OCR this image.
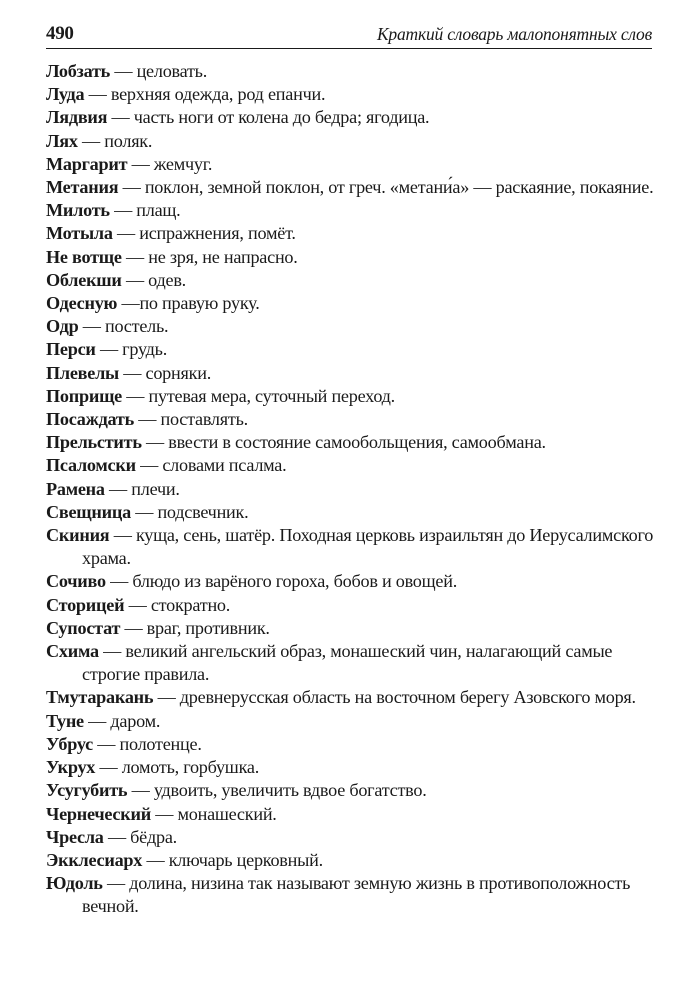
490	Краткий словарь малопонятных слов
Лобзать — целовать.
Луда — верхняя одежда, род епанчи.
Лядвия — часть ноги от колена до бедра; ягодица.
Лях — поляк.
Маргарит — жемчуг.
Метания — поклон, земной поклон, от греч. «метани́а» — раскаяние, покаяние.
Милоть — плащ.
Мотыла — испражнения, помёт.
Не вотще — не зря, не напрасно.
Облекши — одев.
Одесную —по правую руку.
Одр — постель.
Перси — грудь.
Плевелы — сорняки.
Поприще — путевая мера, суточный переход.
Посаждать — поставлять.
Прельстить — ввести в состояние самообольщения, самообмана.
Псаломски — словами псалма.
Рамена — плечи.
Свещница — подсвечник.
Скиния — куща, сень, шатёр. Походная церковь израильтян до Иерусалимского храма.
Сочиво — блюдо из варёного гороха, бобов и овощей.
Сторицей — стократно.
Супостат — враг, противник.
Схима — великий ангельский образ, монашеский чин, налагающий самые строгие правила.
Тмутаракань — древнерусская область на восточном берегу Азовского моря.
Туне — даром.
Убрус — полотенце.
Укрух — ломоть, горбушка.
Усугубить — удвоить, увеличить вдвое богатство.
Чернеческий — монашеский.
Чресла — бёдра.
Экклесиарх — ключарь церковный.
Юдоль — долина, низина так называют земную жизнь в противоположность вечной.
